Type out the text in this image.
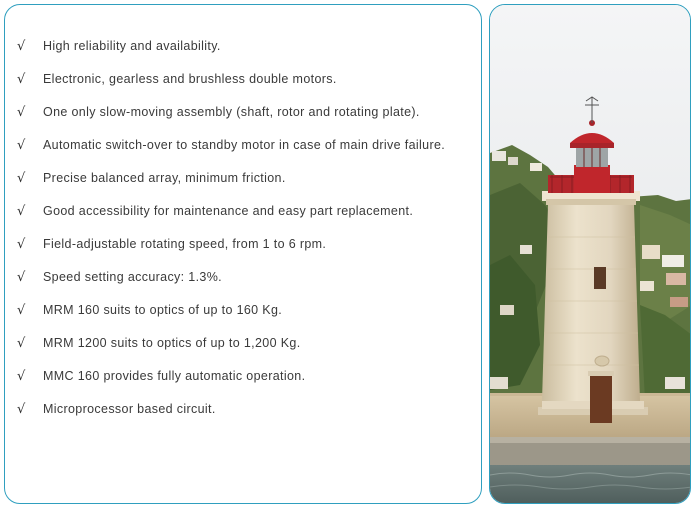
√ High reliability and availability.
√ Electronic, gearless and brushless double motors.
√ One only slow-moving assembly (shaft, rotor and rotating plate).
√ Automatic switch-over to standby motor in case of main drive failure.
√ Precise balanced array, minimum friction.
√ Good accessibility for maintenance and easy part replacement.
√ Field-adjustable rotating speed, from 1 to 6 rpm.
√ Speed setting accuracy: 1.3%.
√ MRM 160 suits to optics of up to 160 Kg.
√ MRM 1200 suits to optics of up to 1,200 Kg.
√ MMC 160 provides fully automatic operation.
√ Microprocessor based circuit.
